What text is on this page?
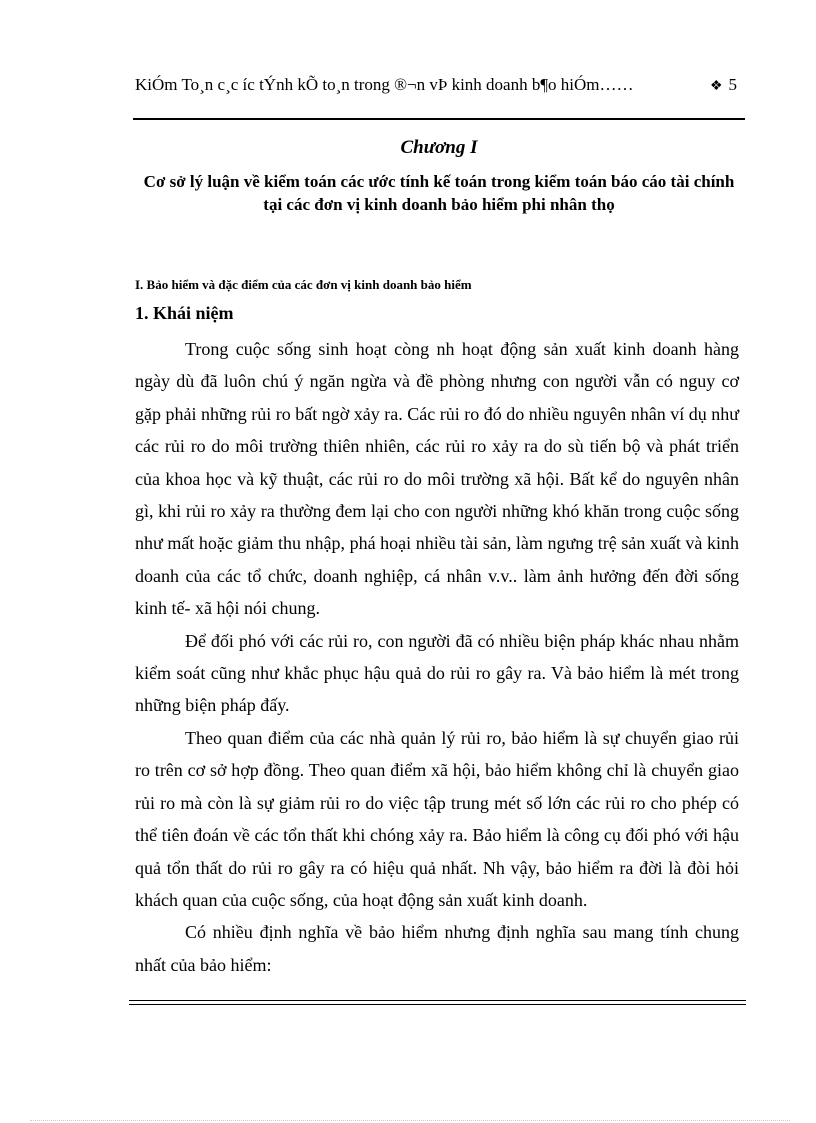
KiÓm To¸n c¸c íc tÝnh kÕ to¸n trong ®¬n vÞ kinh doanh b¶o hiÓm……	❖ 5
Chương I
Cơ sở lý luận về kiểm toán các ước tính kế toán trong kiểm toán báo cáo tài chính tại các đơn vị kinh doanh bảo hiểm phi nhân thọ
I. Bảo hiểm và đặc điểm của các đơn vị kinh doanh bảo hiểm
1. Khái niệm

Trong cuộc sống sinh hoạt còng nh hoạt động sản xuất kinh doanh hàng ngày dù đã luôn chú ý ngăn ngừa và đề phòng nhưng con người vẫn có nguy cơ gặp phải những rủi ro bất ngờ xảy ra. Các rủi ro đó do nhiều nguyên nhân ví dụ như các rủi ro do môi trường thiên nhiên, các rủi ro xảy ra do sù tiến bộ và phát triển của khoa học và kỹ thuật, các rủi ro do môi trường xã hội. Bất kể do nguyên nhân gì, khi rủi ro xảy ra thường đem lại cho con người những khó khăn trong cuộc sống như mất hoặc giảm thu nhập, phá hoại nhiều tài sản, làm ngưng trệ sản xuất và kinh doanh của các tổ chức, doanh nghiệp, cá nhân v.v.. làm ảnh hưởng đến đời sống kinh tế- xã hội nói chung.

Để đối phó với các rủi ro, con người đã có nhiều biện pháp khác nhau nhằm kiểm soát cũng như khắc phục hậu quả do rủi ro gây ra. Và bảo hiểm là mét trong những biện pháp đấy.

Theo quan điểm của các nhà quản lý rủi ro, bảo hiểm là sự chuyển giao rủi ro trên cơ sở hợp đồng. Theo quan điểm xã hội, bảo hiểm không chỉ là chuyển giao rủi ro mà còn là sự giảm rủi ro do việc tập trung mét số lớn các rủi ro cho phép có thể tiên đoán về các tổn thất khi chóng xảy ra. Bảo hiểm là công cụ đối phó với hậu quả tổn thất do rủi ro gây ra có hiệu quả nhất. Nh vậy, bảo hiểm ra đời là đòi hỏi khách quan của cuộc sống, của hoạt động sản xuất kinh doanh.

Có nhiều định nghĩa về bảo hiểm nhưng định nghĩa sau mang tính chung nhất của bảo hiểm:
